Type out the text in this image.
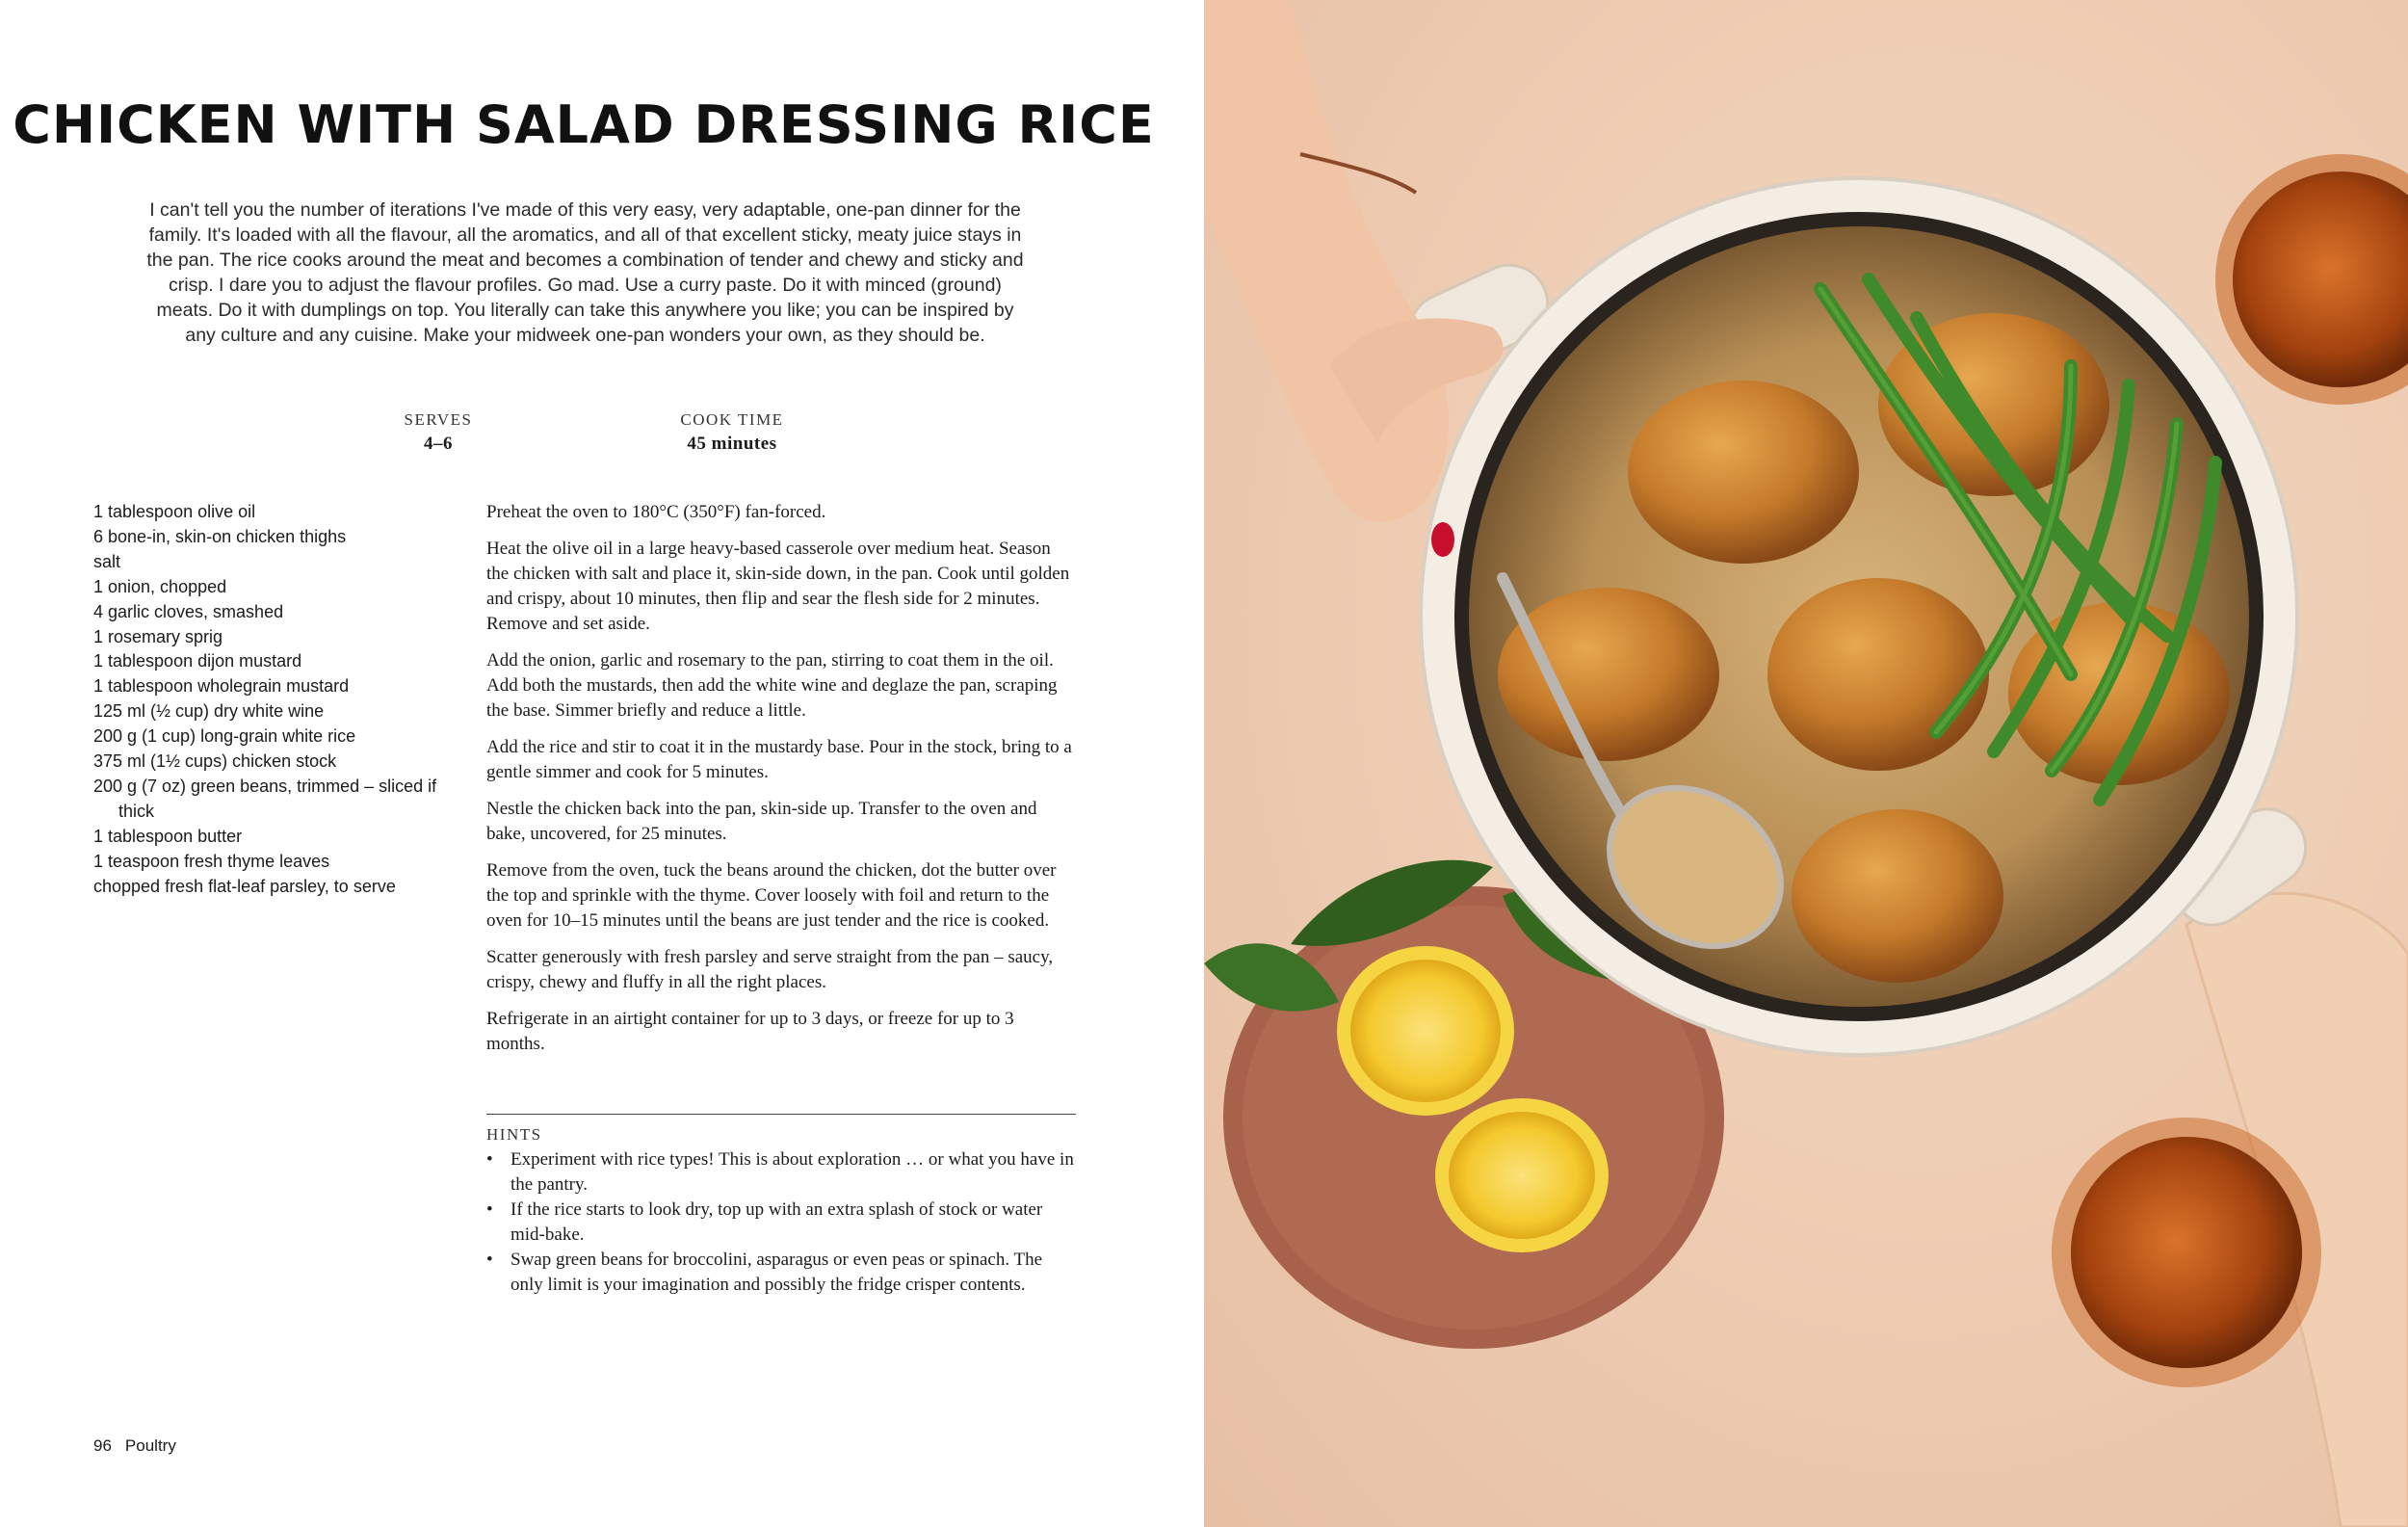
CHICKEN WITH SALAD DRESSING RICE

I can't tell you the number of iterations I've made of this very easy, very adaptable, one-pan dinner for the family. It's loaded with all the flavour, all the aromatics, and all of that excellent sticky, meaty juice stays in the pan. The rice cooks around the meat and becomes a combination of tender and chewy and sticky and crisp. I dare you to adjust the flavour profiles. Go mad. Use a curry paste. Do it with minced (ground) meats. Do it with dumplings on top. You literally can take this anywhere you like; you can be inspired by any culture and any cuisine. Make your midweek one-pan wonders your own, as they should be.

SERVES
4–6
COOK TIME
45 minutes
1 tablespoon olive oil
6 bone-in, skin-on chicken thighs
salt
1 onion, chopped
4 garlic cloves, smashed
1 rosemary sprig
1 tablespoon dijon mustard
1 tablespoon wholegrain mustard
125 ml (½ cup) dry white wine
200 g (1 cup) long-grain white rice
375 ml (1½ cups) chicken stock
200 g (7 oz) green beans, trimmed – sliced if thick
1 tablespoon butter
1 teaspoon fresh thyme leaves
chopped fresh flat-leaf parsley, to serve

Preheat the oven to 180°C (350°F) fan-forced.

Heat the olive oil in a large heavy-based casserole over medium heat. Season the chicken with salt and place it, skin-side down, in the pan. Cook until golden and crispy, about 10 minutes, then flip and sear the flesh side for 2 minutes. Remove and set aside.

Add the onion, garlic and rosemary to the pan, stirring to coat them in the oil. Add both the mustards, then add the white wine and deglaze the pan, scraping the base. Simmer briefly and reduce a little.

Add the rice and stir to coat it in the mustardy base. Pour in the stock, bring to a gentle simmer and cook for 5 minutes.

Nestle the chicken back into the pan, skin-side up. Transfer to the oven and bake, uncovered, for 25 minutes.

Remove from the oven, tuck the beans around the chicken, dot the butter over the top and sprinkle with the thyme. Cover loosely with foil and return to the oven for 10–15 minutes until the beans are just tender and the rice is cooked.

Scatter generously with fresh parsley and serve straight from the pan – saucy, crispy, chewy and fluffy in all the right places.

Refrigerate in an airtight container for up to 3 days, or freeze for up to 3 months.

HINTS
• Experiment with rice types! This is about exploration … or what you have in the pantry.
• If the rice starts to look dry, top up with an extra splash of stock or water mid-bake.
• Swap green beans for broccolini, asparagus or even peas or spinach. The only limit is your imagination and possibly the fridge crisper contents.
96 Poultry
